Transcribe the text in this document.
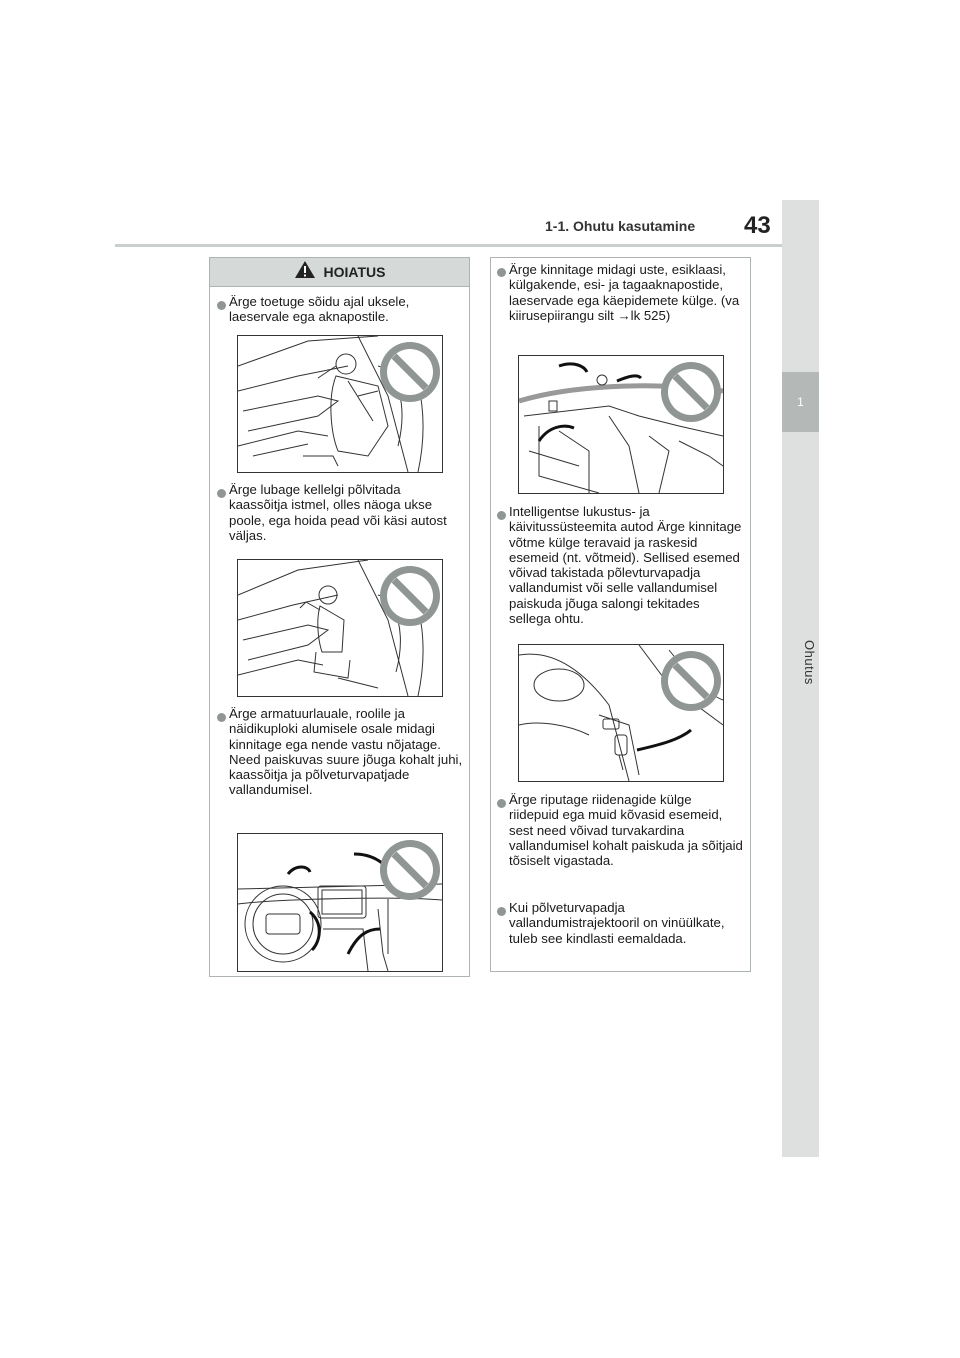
1-1. Ohutu kasutamine 43
1
Ohutus
HOIATUS

Ärge toetuge sõidu ajal uksele, laeservale ega aknapostile.

Ärge lubage kellelgi põlvitada kaassõitja istmel, olles näoga ukse poole, ega hoida pead või käsi autost väljas.

Ärge armatuurlauale, roolile ja näidikuploki alumisele osale midagi kinnitage ega nende vastu nõjatage.
Need paiskuvas suure jõuga kohalt juhi, kaassõitja ja põlveturvapatjade vallandumisel.

Ärge kinnitage midagi uste, esiklaasi, külgakende, esi- ja tagaaknapostide, laeservade ega käepidemete külge. (va kiirusepiirangu silt →lk 525)

Intelligentse lukustus- ja käivitussüsteemita autod Ärge kinnitage võtme külge teravaid ja raskesid esemeid (nt. võtmeid). Sellised esemed võivad takistada põlevturvapadja vallandumist või selle vallandumisel paiskuda jõuga salongi tekitades sellega ohtu.

Ärge riputage riidenagide külge riidepuid ega muid kõvasid esemeid, sest need võivad turvakardina vallandumisel kohalt paiskuda ja sõitjaid tõsiselt vigastada.

Kui põlveturvapadja vallandumistrajektooril on vinüülkate, tuleb see kindlasti eemaldada.
